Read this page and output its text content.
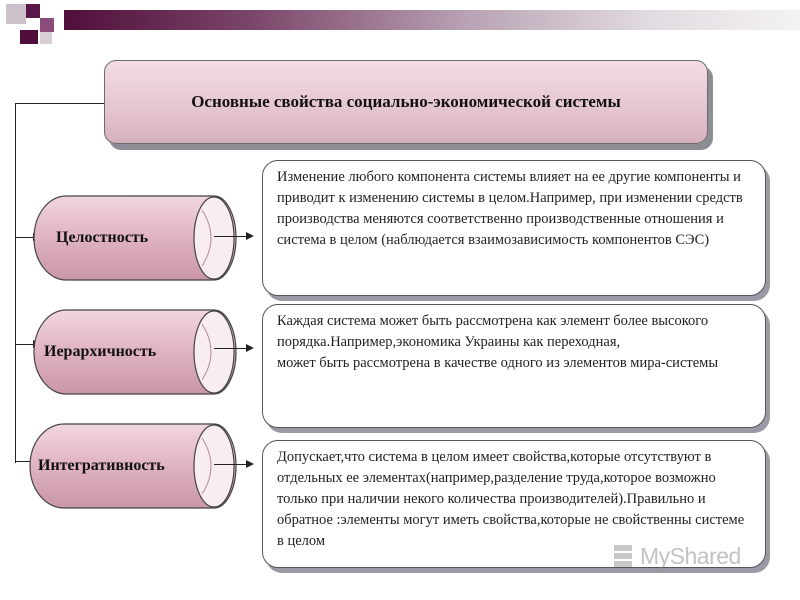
Основные свойства социально-экономической системы
Целостность
Иерархичность
Интегративность
Изменение любого компонента системы влияет на ее другие компоненты и приводит к изменению системы в целом.Например, при изменении средств производства меняются соответственно производственные отношения и система в целом (наблюдается взаимозависимость компонентов СЭС)
Каждая система может быть рассмотрена как элемент более высокого порядка.Например,экономика Украины как переходная,
может быть рассмотрена в качестве одного из элементов мира-системы
Допускает,что система в целом имеет свойства,которые отсутствуют в отдельных ее элементах(например,разделение труда,которое возможно только при наличии некого количества производителей).Правильно и обратное :элементы могут иметь свойства,которые не свойственны системе в целом
MyShared
